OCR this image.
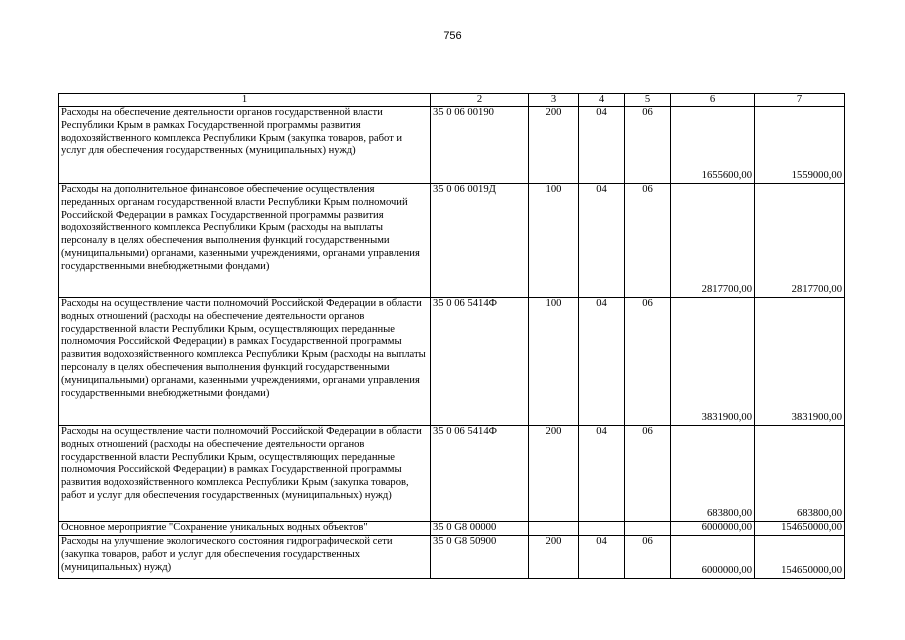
756
1	2	3	4	5	6	7
Расходы на обеспечение деятельности органов государственной власти Республики Крым в рамках Государственной программы развития водохозяйственного комплекса Республики Крым (закупка товаров, работ и услуг для обеспечения государственных (муниципальных) нужд)	35 0 06 00190	200	04	06	1655600,00	1559000,00
Расходы на дополнительное финансовое обеспечение осуществления переданных органам государственной власти Республики Крым полномочий Российской Федерации в рамках Государственной программы развития водохозяйственного комплекса Республики Крым (расходы на выплаты персоналу в целях обеспечения выполнения функций государственными (муниципальными) органами, казенными учреждениями, органами управления государственными внебюджетными фондами)	35 0 06 0019Д	100	04	06	2817700,00	2817700,00
Расходы на осуществление части полномочий Российской Федерации в области водных отношений (расходы на обеспечение деятельности органов государственной власти Республики Крым, осуществляющих переданные полномочия Российской Федерации) в рамках Государственной программы развития водохозяйственного комплекса Республики Крым (расходы на выплаты персоналу в целях обеспечения выполнения функций государственными (муниципальными) органами, казенными учреждениями, органами управления государственными внебюджетными фондами)	35 0 06 5414Ф	100	04	06	3831900,00	3831900,00
Расходы на осуществление части полномочий Российской Федерации в области водных отношений (расходы на обеспечение деятельности органов государственной власти Республики Крым, осуществляющих переданные полномочия Российской Федерации) в рамках Государственной программы развития водохозяйственного комплекса Республики Крым (закупка товаров, работ и услуг для обеспечения государственных (муниципальных) нужд)	35 0 06 5414Ф	200	04	06	683800,00	683800,00
Основное мероприятие "Сохранение уникальных водных объектов"	35 0 G8 00000				6000000,00	154650000,00
Расходы на улучшение экологического состояния гидрографической сети (закупка товаров, работ и услуг для обеспечения государственных (муниципальных) нужд)	35 0 G8 50900	200	04	06	6000000,00	154650000,00
